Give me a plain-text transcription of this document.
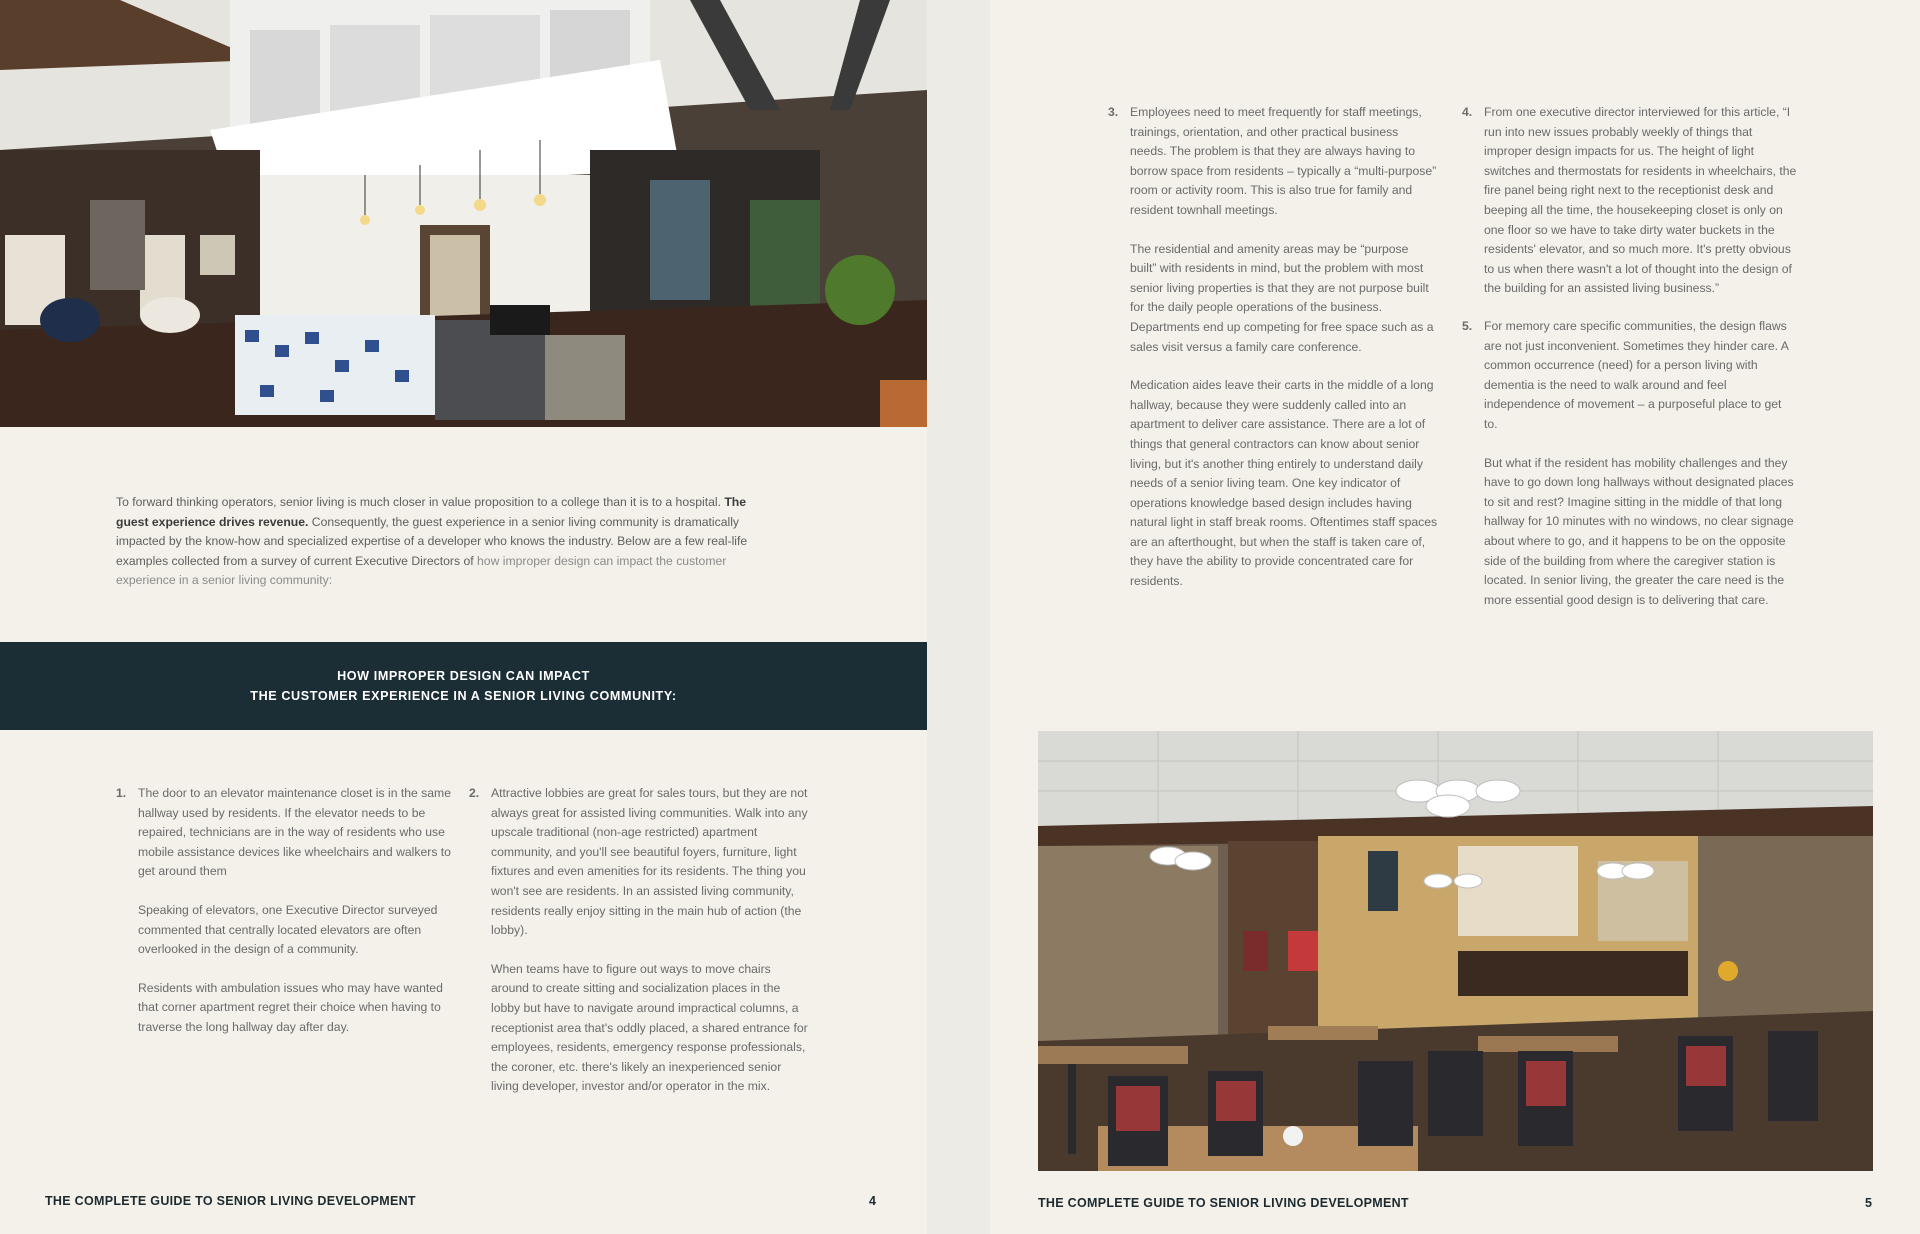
To forward thinking operators, senior living is much closer in value proposition to a college than it is to a hospital. The guest experience drives revenue. Consequently, the guest experience in a senior living community is dramatically impacted by the know-how and specialized expertise of a developer who knows the industry. Below are a few real-life examples collected from a survey of current Executive Directors of how improper design can impact the customer experience in a senior living community:
HOW IMPROPER DESIGN CAN IMPACT
THE CUSTOMER EXPERIENCE IN A SENIOR LIVING COMMUNITY:
1. The door to an elevator maintenance closet is in the same hallway used by residents. If the elevator needs to be repaired, technicians are in the way of residents who use mobile assistance devices like wheelchairs and walkers to get around them

Speaking of elevators, one Executive Director surveyed commented that centrally located elevators are often overlooked in the design of a community.

Residents with ambulation issues who may have wanted that corner apartment regret their choice when having to traverse the long hallway day after day.

2. Attractive lobbies are great for sales tours, but they are not always great for assisted living communities. Walk into any upscale traditional (non-age restricted) apartment community, and you'll see beautiful foyers, furniture, light fixtures and even amenities for its residents. The thing you won't see are residents. In an assisted living community, residents really enjoy sitting in the main hub of action (the lobby).

When teams have to figure out ways to move chairs around to create sitting and socialization places in the lobby but have to navigate around impractical columns, a receptionist area that's oddly placed, a shared entrance for employees, residents, emergency response professionals, the coroner, etc. there's likely an inexperienced senior living developer, investor and/or operator in the mix.

THE COMPLETE GUIDE TO SENIOR LIVING DEVELOPMENT	4
3. Employees need to meet frequently for staff meetings, trainings, orientation, and other practical business needs. The problem is that they are always having to borrow space from residents – typically a “multi-purpose” room or activity room. This is also true for family and resident townhall meetings.

The residential and amenity areas may be “purpose built” with residents in mind, but the problem with most senior living properties is that they are not purpose built for the daily people operations of the business. Departments end up competing for free space such as a sales visit versus a family care conference.

Medication aides leave their carts in the middle of a long hallway, because they were suddenly called into an apartment to deliver care assistance. There are a lot of things that general contractors can know about senior living, but it's another thing entirely to understand daily needs of a senior living team. One key indicator of operations knowledge based design includes having natural light in staff break rooms. Oftentimes staff spaces are an afterthought, but when the staff is taken care of, they have the ability to provide concentrated care for residents.

4. From one executive director interviewed for this article, “I run into new issues probably weekly of things that improper design impacts for us. The height of light switches and thermostats for residents in wheelchairs, the fire panel being right next to the receptionist desk and beeping all the time, the housekeeping closet is only on one floor so we have to take dirty water buckets in the residents' elevator, and so much more. It's pretty obvious to us when there wasn't a lot of thought into the design of the building for an assisted living business.”

5. For memory care specific communities, the design flaws are not just inconvenient. Sometimes they hinder care. A common occurrence (need) for a person living with dementia is the need to walk around and feel independence of movement – a purposeful place to get to.

But what if the resident has mobility challenges and they have to go down long hallways without designated places to sit and rest? Imagine sitting in the middle of that long hallway for 10 minutes with no windows, no clear signage about where to go, and it happens to be on the opposite side of the building from where the caregiver station is located. In senior living, the greater the care need is the more essential good design is to delivering that care.

THE COMPLETE GUIDE TO SENIOR LIVING DEVELOPMENT	5
